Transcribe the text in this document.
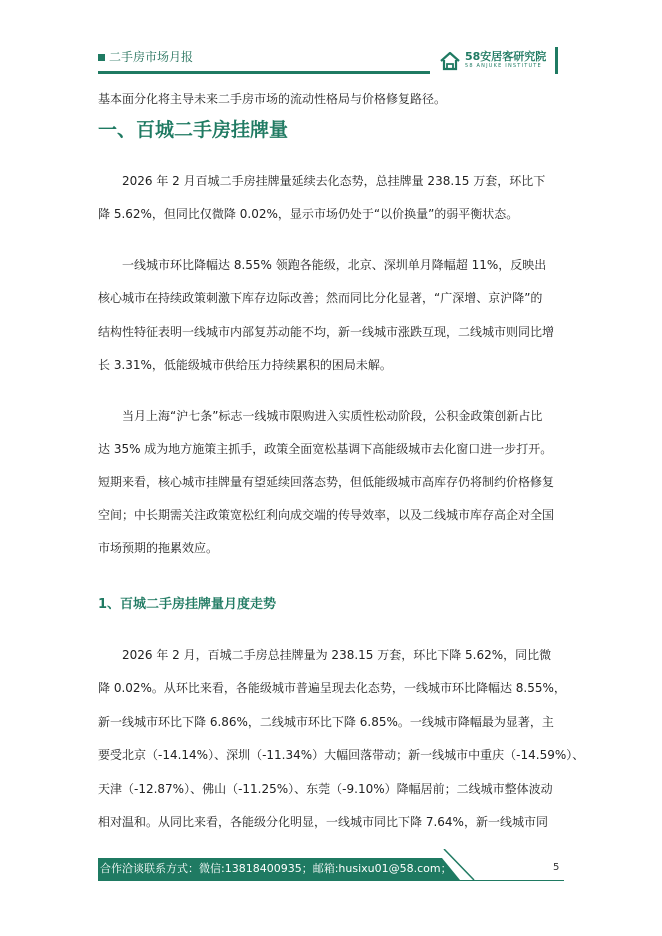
二手房市场月报	58安居客研究院
58 ANJUKE INSTITUTE
基本面分化将主导未来二手房市场的流动性格局与价格修复路径。
一、百城二手房挂牌量
　　2026 年 2 月百城二手房挂牌量延续去化态势，总挂牌量 238.15 万套，环比下
降 5.62%，但同比仅微降 0.02%，显示市场仍处于“以价换量”的弱平衡状态。
　　一线城市环比降幅达 8.55% 领跑各能级，北京、深圳单月降幅超 11%，反映出
核心城市在持续政策刺激下库存边际改善；然而同比分化显著，“广深增、京沪降”的
结构性特征表明一线城市内部复苏动能不均，新一线城市涨跌互现，二线城市则同比增
长 3.31%，低能级城市供给压力持续累积的困局未解。
　　当月上海“沪七条”标志一线城市限购进入实质性松动阶段，公积金政策创新占比
达 35% 成为地方施策主抓手，政策全面宽松基调下高能级城市去化窗口进一步打开。
短期来看，核心城市挂牌量有望延续回落态势，但低能级城市高库存仍将制约价格修复
空间；中长期需关注政策宽松红利向成交端的传导效率，以及二线城市库存高企对全国
市场预期的拖累效应。
1、百城二手房挂牌量月度走势
　　2026 年 2 月，百城二手房总挂牌量为 238.15 万套，环比下降 5.62%，同比微
降 0.02%。从环比来看，各能级城市普遍呈现去化态势，一线城市环比降幅达 8.55%，
新一线城市环比下降 6.86%，二线城市环比下降 6.85%。一线城市降幅最为显著，主
要受北京（-14.14%）、深圳（-11.34%）大幅回落带动；新一线城市中重庆（-14.59%）、
天津（-12.87%）、佛山（-11.25%）、东莞（-9.10%）降幅居前；二线城市整体波动
相对温和。从同比来看，各能级分化明显，一线城市同比下降 7.64%，新一线城市同
合作洽谈联系方式：微信:13818400935；邮箱:husixu01@58.com；	5
